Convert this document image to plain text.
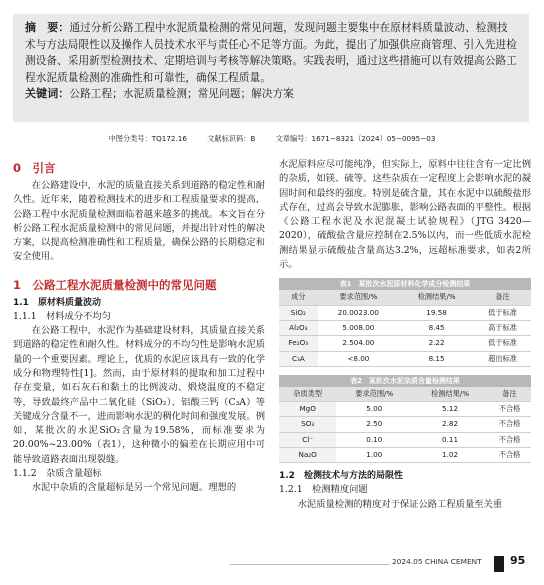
摘　要：通过分析公路工程中水泥质量检测的常见问题，发现问题主要集中在原材料质量波动、检测技术与方法局限性以及操作人员技术水平与责任心不足等方面。为此，提出了加强供应商管理、引入先进检测设备、采用新型检测技术、定期培训与考核等解决策略。实践表明，通过这些措施可以有效提高公路工程水泥质量检测的准确性和可靠性，确保工程质量。
关键词：公路工程；水泥质量检测；常见问题；解决方案
中图分类号：TQ172.16	文献标识码：B	文章编号：1671−8321（2024）05−0095−03
0　引言

在公路建设中，水泥的质量直接关系到道路的稳定性和耐久性。近年来，随着检测技术的进步和工程质量要求的提高，公路工程中水泥质量检测面临着越来越多的挑战。本文旨在分析公路工程水泥质量检测中的常见问题，并提出针对性的解决方案，以提高检测准确性和工程质量，确保公路的长期稳定和安全使用。

1　公路工程水泥质量检测中的常见问题
1.1　原材料质量波动
1.1.1　材料成分不均匀

在公路工程中，水泥作为基础建设材料，其质量直接关系到道路的稳定性和耐久性。材料成分的不均匀性是影响水泥质量的一个重要因素。理论上，优质的水泥应该具有一致的化学成分和物理特性[1]。然而，由于原材料的提取和加工过程中存在变量，如石灰石和黏土的比例波动、煅烧温度的不稳定等，导致最终产品中二氧化硅（SiO₂）、铝酸三钙（C₃A）等关键成分含量不一，进而影响水泥的稠化时间和强度发展。例如，某批次的水泥SiO₂含量为19.58%，而标准要求为20.00%~23.00%（表1），这种微小的偏差在长期应用中可能导致道路表面出现裂缝。

1.1.2　杂质含量超标

水泥中杂质的含量超标是另一个常见问题。理想的

水泥原料应尽可能纯净，但实际上，原料中往往含有一定比例的杂质，如镁、硫等。这些杂质在一定程度上会影响水泥的凝固时间和最终的强度。特别是硫含量，其在水泥中以硫酸盐形式存在，过高会导致水泥膨胀，影响公路表面的平整性。根据《公路工程水泥及水泥混凝土试验规程》（JTG 3420—2020），硫酸盐含量应控制在2.5%以内，而一些低质水泥检测结果显示硫酸盐含量高达3.2%，远超标准要求，如表2所示。

表1　某批次水泥原材料化学成分检测结果
成分	要求范围/%	检测结果/%	备注
SiO₂	20.0023.00	19.58	低于标准
Al₂O₃	5.008.00	8.45	高于标准
Fe₂O₃	2.504.00	2.22	低于标准
C₃A	<8.00	8.15	超出标准
表2　某批次水泥杂质含量检测结果
杂质类型	要求范围/%	检测结果/%	备注
MgO	5.00	5.12	不合格
SO₃	2.50	2.82	不合格
Cl⁻	0.10	0.11	不合格
Na₂O	1.00	1.02	不合格
1.2　检测技术与方法的局限性
1.2.1　检测精度问题

水泥质量检测的精度对于保证公路工程质量至关重

2024.05 CHINA CEMENT	95
